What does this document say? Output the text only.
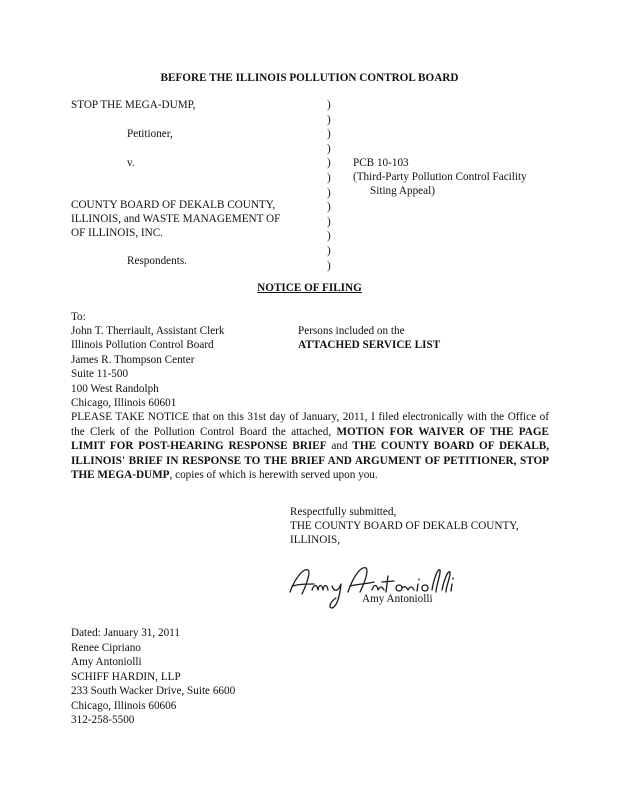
BEFORE THE ILLINOIS POLLUTION CONTROL BOARD
STOP THE MEGA-DUMP,
Petitioner,
v.
COUNTY BOARD OF DEKALB COUNTY,
ILLINOIS, and WASTE MANAGEMENT OF
OF ILLINOIS, INC.
Respondents.
)
)
)
)
)
)
)
)
)
)
)
)
PCB 10-103
(Third-Party Pollution Control Facility
Siting Appeal)
NOTICE OF FILING
To:
John T. Therriault, Assistant Clerk
Illinois Pollution Control Board
James R. Thompson Center
Suite 11-500
100 West Randolph
Chicago, Illinois 60601
Persons included on the
ATTACHED SERVICE LIST
PLEASE TAKE NOTICE that on this 31st day of January, 2011, I filed electronically with the Office of the Clerk of the Pollution Control Board the attached, MOTION FOR WAIVER OF THE PAGE LIMIT FOR POST-HEARING RESPONSE BRIEF and THE COUNTY BOARD OF DEKALB, ILLINOIS' BRIEF IN RESPONSE TO THE BRIEF AND ARGUMENT OF PETITIONER, STOP THE MEGA-DUMP, copies of which is herewith served upon you.
Respectfully submitted,
THE COUNTY BOARD OF DEKALB COUNTY,
ILLINOIS,
Amy Antoniolli
Dated: January 31, 2011
Renee Cipriano
Amy Antoniolli
SCHIFF HARDIN, LLP
233 South Wacker Drive, Suite 6600
Chicago, Illinois 60606
312-258-5500
